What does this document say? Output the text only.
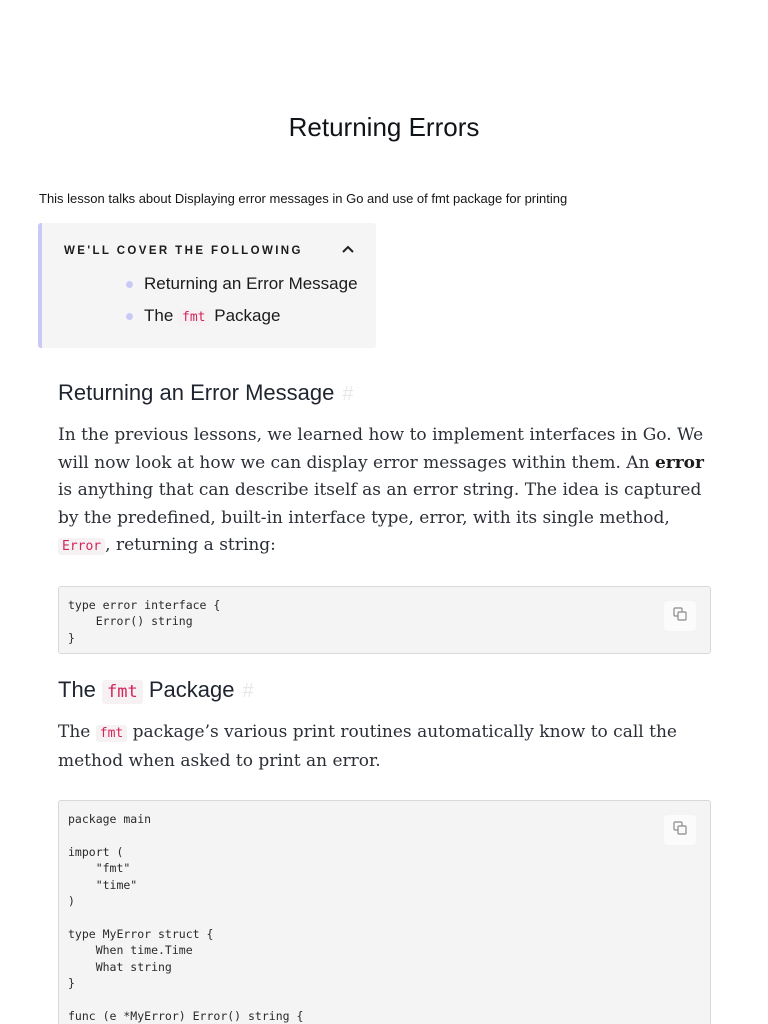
Returning Errors

This lesson talks about Displaying error messages in Go and use of fmt package for printing

WE'LL COVER THE FOLLOWING
Returning an Error Message
The fmt Package
Returning an Error Message #

In the previous lessons, we learned how to implement interfaces in Go. We will now look at how we can display error messages within them. An error is anything that can describe itself as an error string. The idea is captured by the predefined, built-in interface type, error, with its single method, Error , returning a string:

type error interface {
Error() string
}
The fmt Package #

The fmt package’s various print routines automatically know to call the method when asked to print an error.

package main

import (
"fmt"
"time"
)

type MyError struct {
When time.Time
What string
}

func (e *MyError) Error() string {
